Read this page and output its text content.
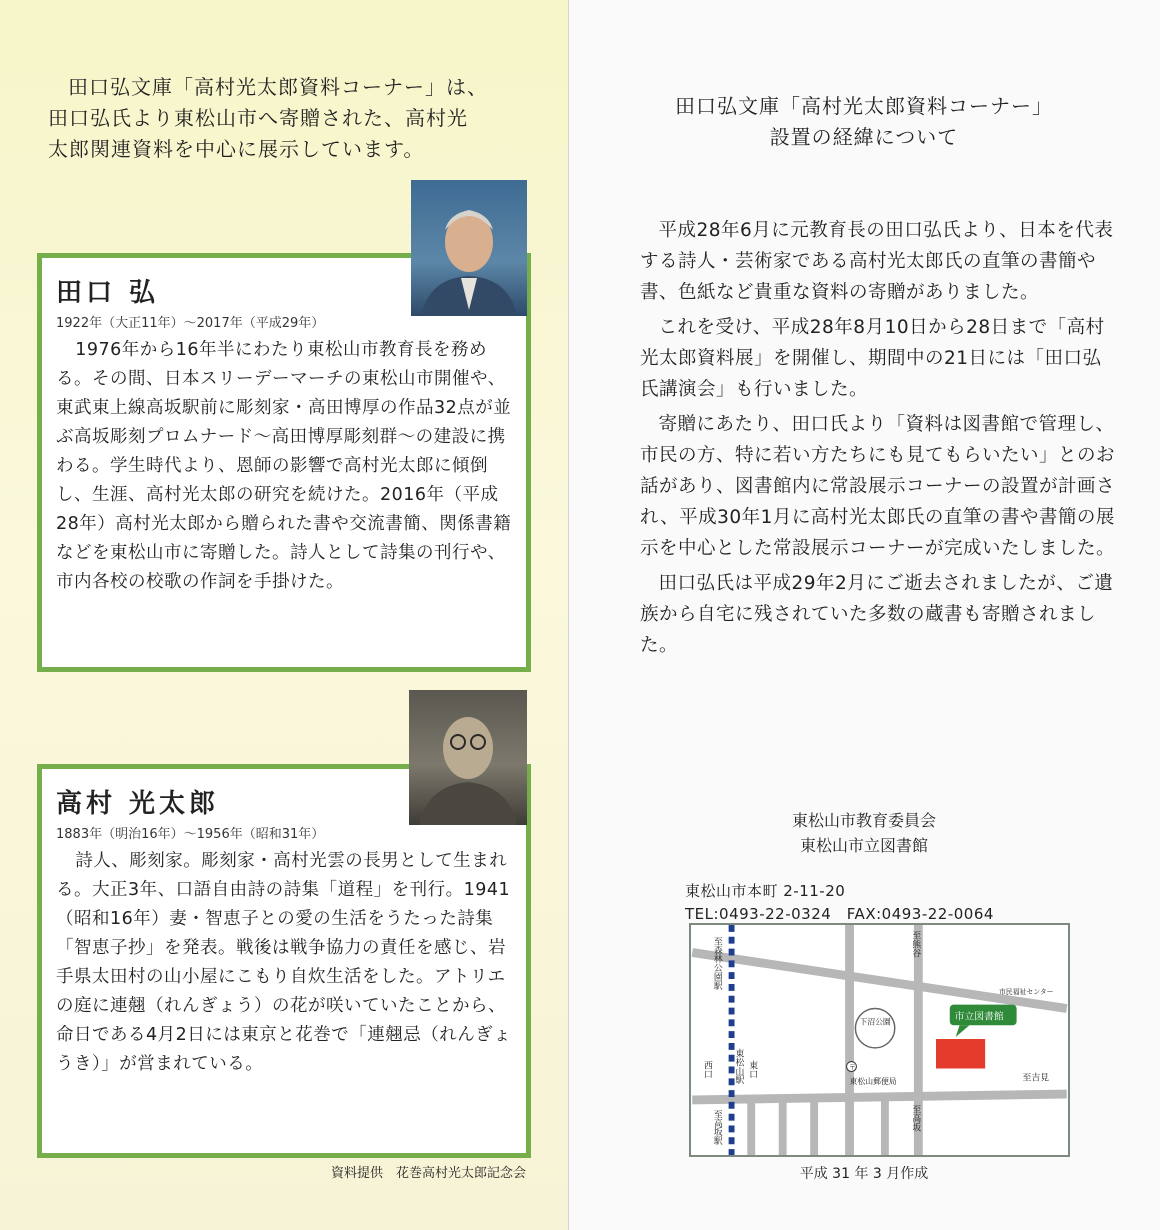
田口弘文庫「高村光太郎資料コーナー」は、

田口弘氏より東松山市へ寄贈された、高村光

太郎関連資料を中心に展示しています。

田口 弘
1922年（大正11年）～2017年（平成29年）

1976年から16年半にわたり東松山市教育長を務める。その間、日本スリーデーマーチの東松山市開催や、東武東上線高坂駅前に彫刻家・高田博厚の作品32点が並ぶ高坂彫刻プロムナード～高田博厚彫刻群～の建設に携わる。学生時代より、恩師の影響で高村光太郎に傾倒し、生涯、高村光太郎の研究を続けた。2016年（平成28年）高村光太郎から贈られた書や交流書簡、関係書籍などを東松山市に寄贈した。詩人として詩集の刊行や、市内各校の校歌の作詞を手掛けた。

高村 光太郎
1883年（明治16年）～1956年（昭和31年）

詩人、彫刻家。彫刻家・高村光雲の長男として生まれる。大正3年、口語自由詩の詩集「道程」を刊行。1941（昭和16年）妻・智恵子との愛の生活をうたった詩集「智恵子抄」を発表。戦後は戦争協力の責任を感じ、岩手県太田村の山小屋にこもり自炊生活をした。アトリエの庭に連翹（れんぎょう）の花が咲いていたことから、命日である4月2日には東京と花巻で「連翹忌（れんぎょうき）」が営まれている。

資料提供　花巻高村光太郎記念会
田口弘文庫「高村光太郎資料コーナー」
設置の経緯について

平成28年6月に元教育長の田口弘氏より、日本を代表する詩人・芸術家である高村光太郎氏の直筆の書簡や書、色紙など貴重な資料の寄贈がありました。

これを受け、平成28年8月10日から28日まで「高村光太郎資料展」を開催し、期間中の21日には「田口弘氏講演会」も行いました。

寄贈にあたり、田口氏より「資料は図書館で管理し、市民の方、特に若い方たちにも見てもらいたい」とのお話があり、図書館内に常設展示コーナーの設置が計画され、平成30年1月に高村光太郎氏の直筆の書や書簡の展示を中心とした常設展示コーナーが完成いたしました。

田口弘氏は平成29年2月にご逝去されましたが、ご遺族から自宅に残されていた多数の蔵書も寄贈されました。

東松山市教育委員会
東松山市立図書館
東松山市本町 2-11-20
TEL:0493-22-0324　FAX:0493-22-0064
〒
至森林公園駅
至高坂駅
東松山駅
西口	東口
至熊谷
至高坂
至吉見
下沼公園
東松山郵便局
市民福祉センター
市立図書館
平成 31 年 3 月作成
